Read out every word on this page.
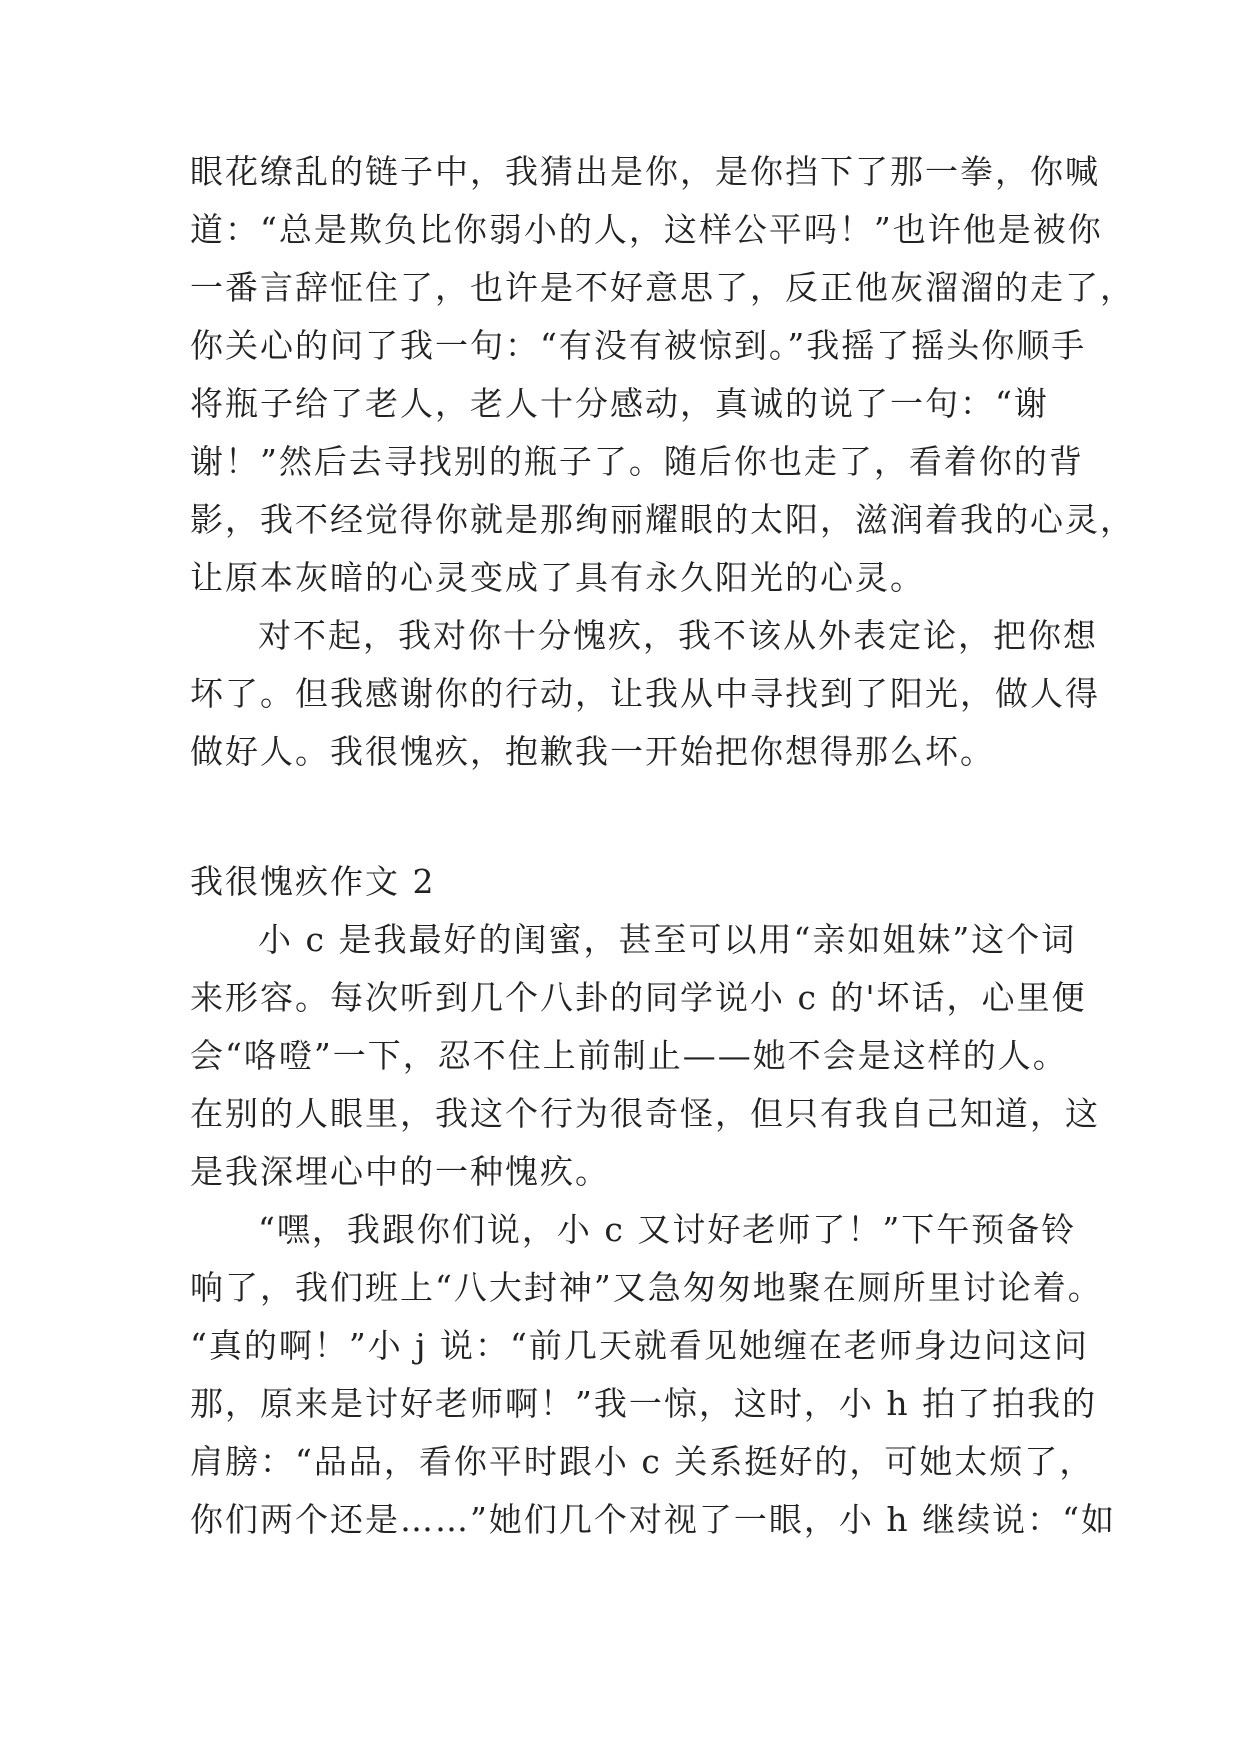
眼花缭乱的链子中，我猜出是你，是你挡下了那一拳，你喊
道：“总是欺负比你弱小的人，这样公平吗！”也许他是被你
一番言辞怔住了，也许是不好意思了，反正他灰溜溜的走了，
你关心的问了我一句：“有没有被惊到。”我摇了摇头你顺手
将瓶子给了老人，老人十分感动，真诚的说了一句：“谢
谢！”然后去寻找别的瓶子了。随后你也走了，看着你的背
影，我不经觉得你就是那绚丽耀眼的太阳，滋润着我的心灵，
让原本灰暗的心灵变成了具有永久阳光的心灵。
对不起，我对你十分愧疚，我不该从外表定论，把你想
坏了。但我感谢你的行动，让我从中寻找到了阳光，做人得
做好人。我很愧疚，抱歉我一开始把你想得那么坏。
我很愧疚作文 2
小 c 是我最好的闺蜜，甚至可以用“亲如姐妹”这个词
来形容。每次听到几个八卦的同学说小 c 的'坏话，心里便
会“咯噔”一下，忍不住上前制止——她不会是这样的人。
在别的人眼里，我这个行为很奇怪，但只有我自己知道，这
是我深埋心中的一种愧疚。
“嘿，我跟你们说，小 c 又讨好老师了！”下午预备铃
响了，我们班上“八大封神”又急匆匆地聚在厕所里讨论着。
“真的啊！”小 j 说：“前几天就看见她缠在老师身边问这问
那，原来是讨好老师啊！”我一惊，这时，小 h 拍了拍我的
肩膀：“品品，看你平时跟小 c 关系挺好的，可她太烦了，
你们两个还是……”她们几个对视了一眼，小 h 继续说：“如
